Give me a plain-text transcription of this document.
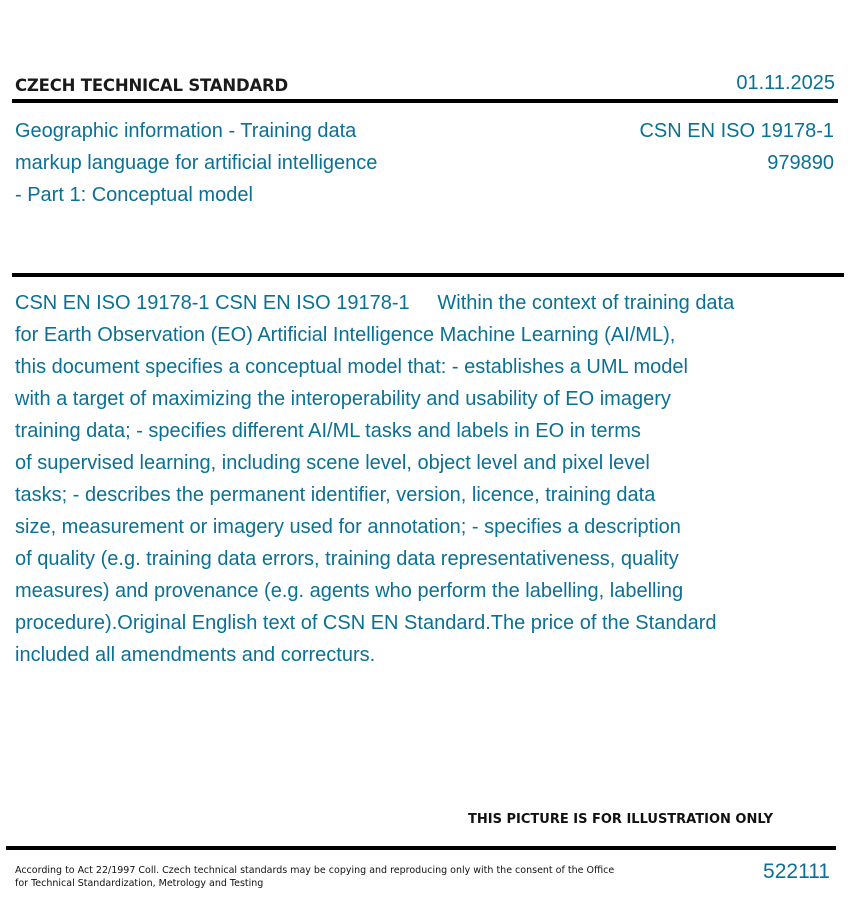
CZECH TECHNICAL STANDARD	01.11.2025
Geographic information - Training data
markup language for artificial intelligence
- Part 1: Conceptual model
CSN EN ISO 19178-1
979890
CSN EN ISO 19178-1 CSN EN ISO 19178-1     Within the context of training data
for Earth Observation (EO) Artificial Intelligence Machine Learning (AI/ML),
this document specifies a conceptual model that: - establishes a UML model
with a target of maximizing the interoperability and usability of EO imagery
training data; - specifies different AI/ML tasks and labels in EO in terms
of supervised learning, including scene level, object level and pixel level
tasks; - describes the permanent identifier, version, licence, training data
size, measurement or imagery used for annotation; - specifies a description
of quality (e.g. training data errors, training data representativeness, quality
measures) and provenance (e.g. agents who perform the labelling, labelling
procedure).Original English text of CSN EN Standard.The price of the Standard
included all amendments and correcturs.
THIS PICTURE IS FOR ILLUSTRATION ONLY
According to Act 22/1997 Coll. Czech technical standards may be copying and reproducing only with the consent of the Office
for Technical Standardization, Metrology and Testing
522111
